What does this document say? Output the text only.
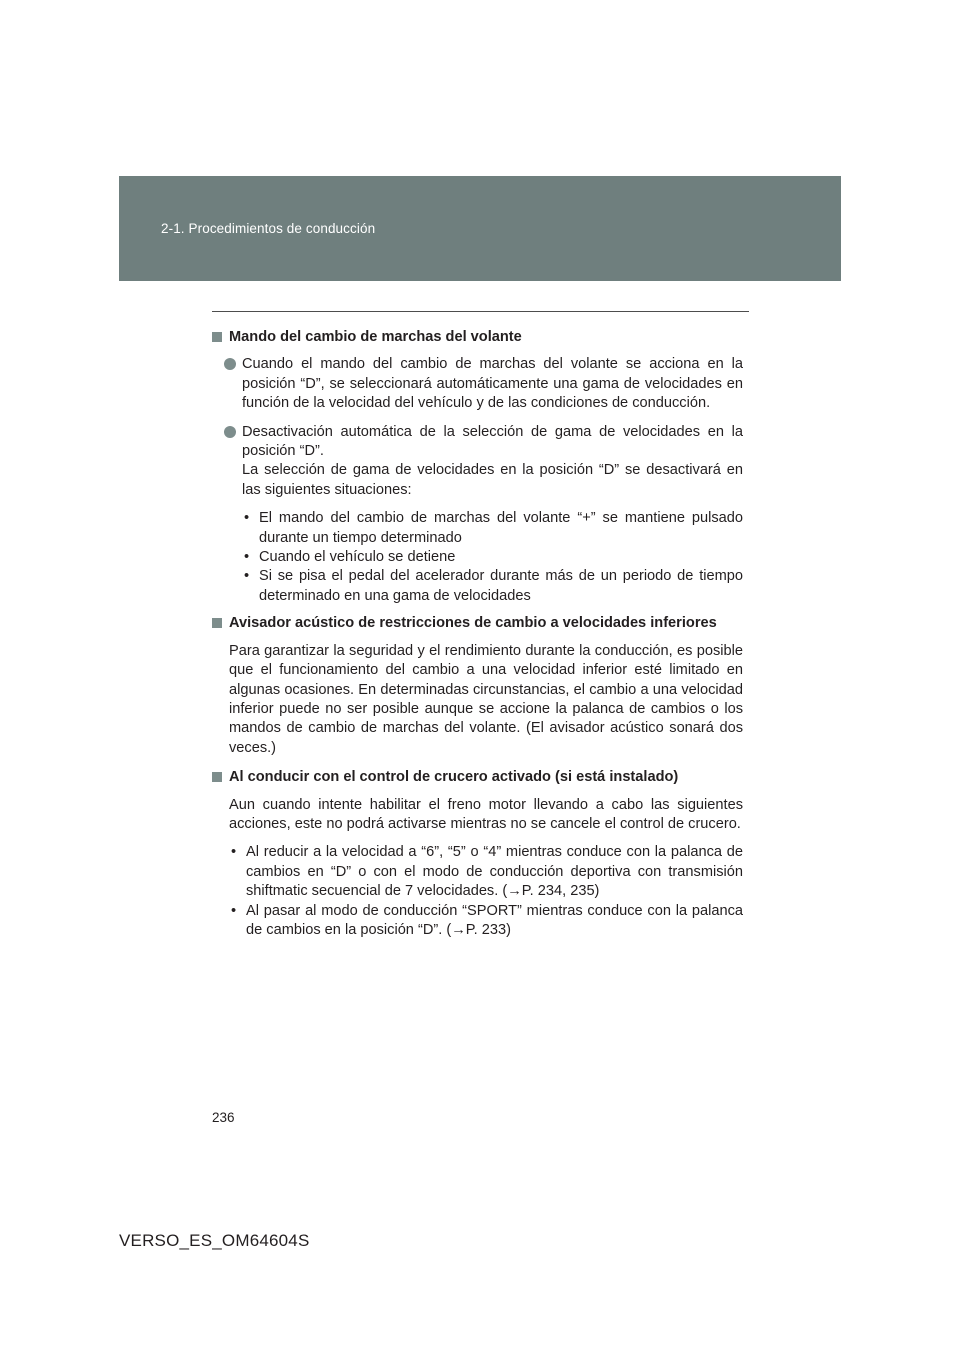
2-1. Procedimientos de conducción
Mando del cambio de marchas del volante
Cuando el mando del cambio de marchas del volante se acciona en la posición “D”, se seleccionará automáticamente una gama de velocidades en función de la velocidad del vehículo y de las condiciones de conducción.
Desactivación automática de la selección de gama de velocidades en la posición “D”.
La selección de gama de velocidades en la posición “D” se desactivará en las siguientes situaciones:
• El mando del cambio de marchas del volante “+” se mantiene pulsado durante un tiempo determinado
• Cuando el vehículo se detiene
• Si se pisa el pedal del acelerador durante más de un periodo de tiempo determinado en una gama de velocidades
Avisador acústico de restricciones de cambio a velocidades inferiores
Para garantizar la seguridad y el rendimiento durante la conducción, es posible que el funcionamiento del cambio a una velocidad inferior esté limitado en algunas ocasiones. En determinadas circunstancias, el cambio a una velocidad inferior puede no ser posible aunque se accione la palanca de cambios o los mandos de cambio de marchas del volante. (El avisador acústico sonará dos veces.)
Al conducir con el control de crucero activado (si está instalado)
Aun cuando intente habilitar el freno motor llevando a cabo las siguientes acciones, este no podrá activarse mientras no se cancele el control de crucero.
• Al reducir a la velocidad a “6”, “5” o “4” mientras conduce con la palanca de cambios en “D” o con el modo de conducción deportiva con transmisión shiftmatic secuencial de 7 velocidades. (→P. 234, 235)
• Al pasar al modo de conducción “SPORT” mientras conduce con la palanca de cambios en la posición “D”. (→P. 233)
236
VERSO_ES_OM64604S
